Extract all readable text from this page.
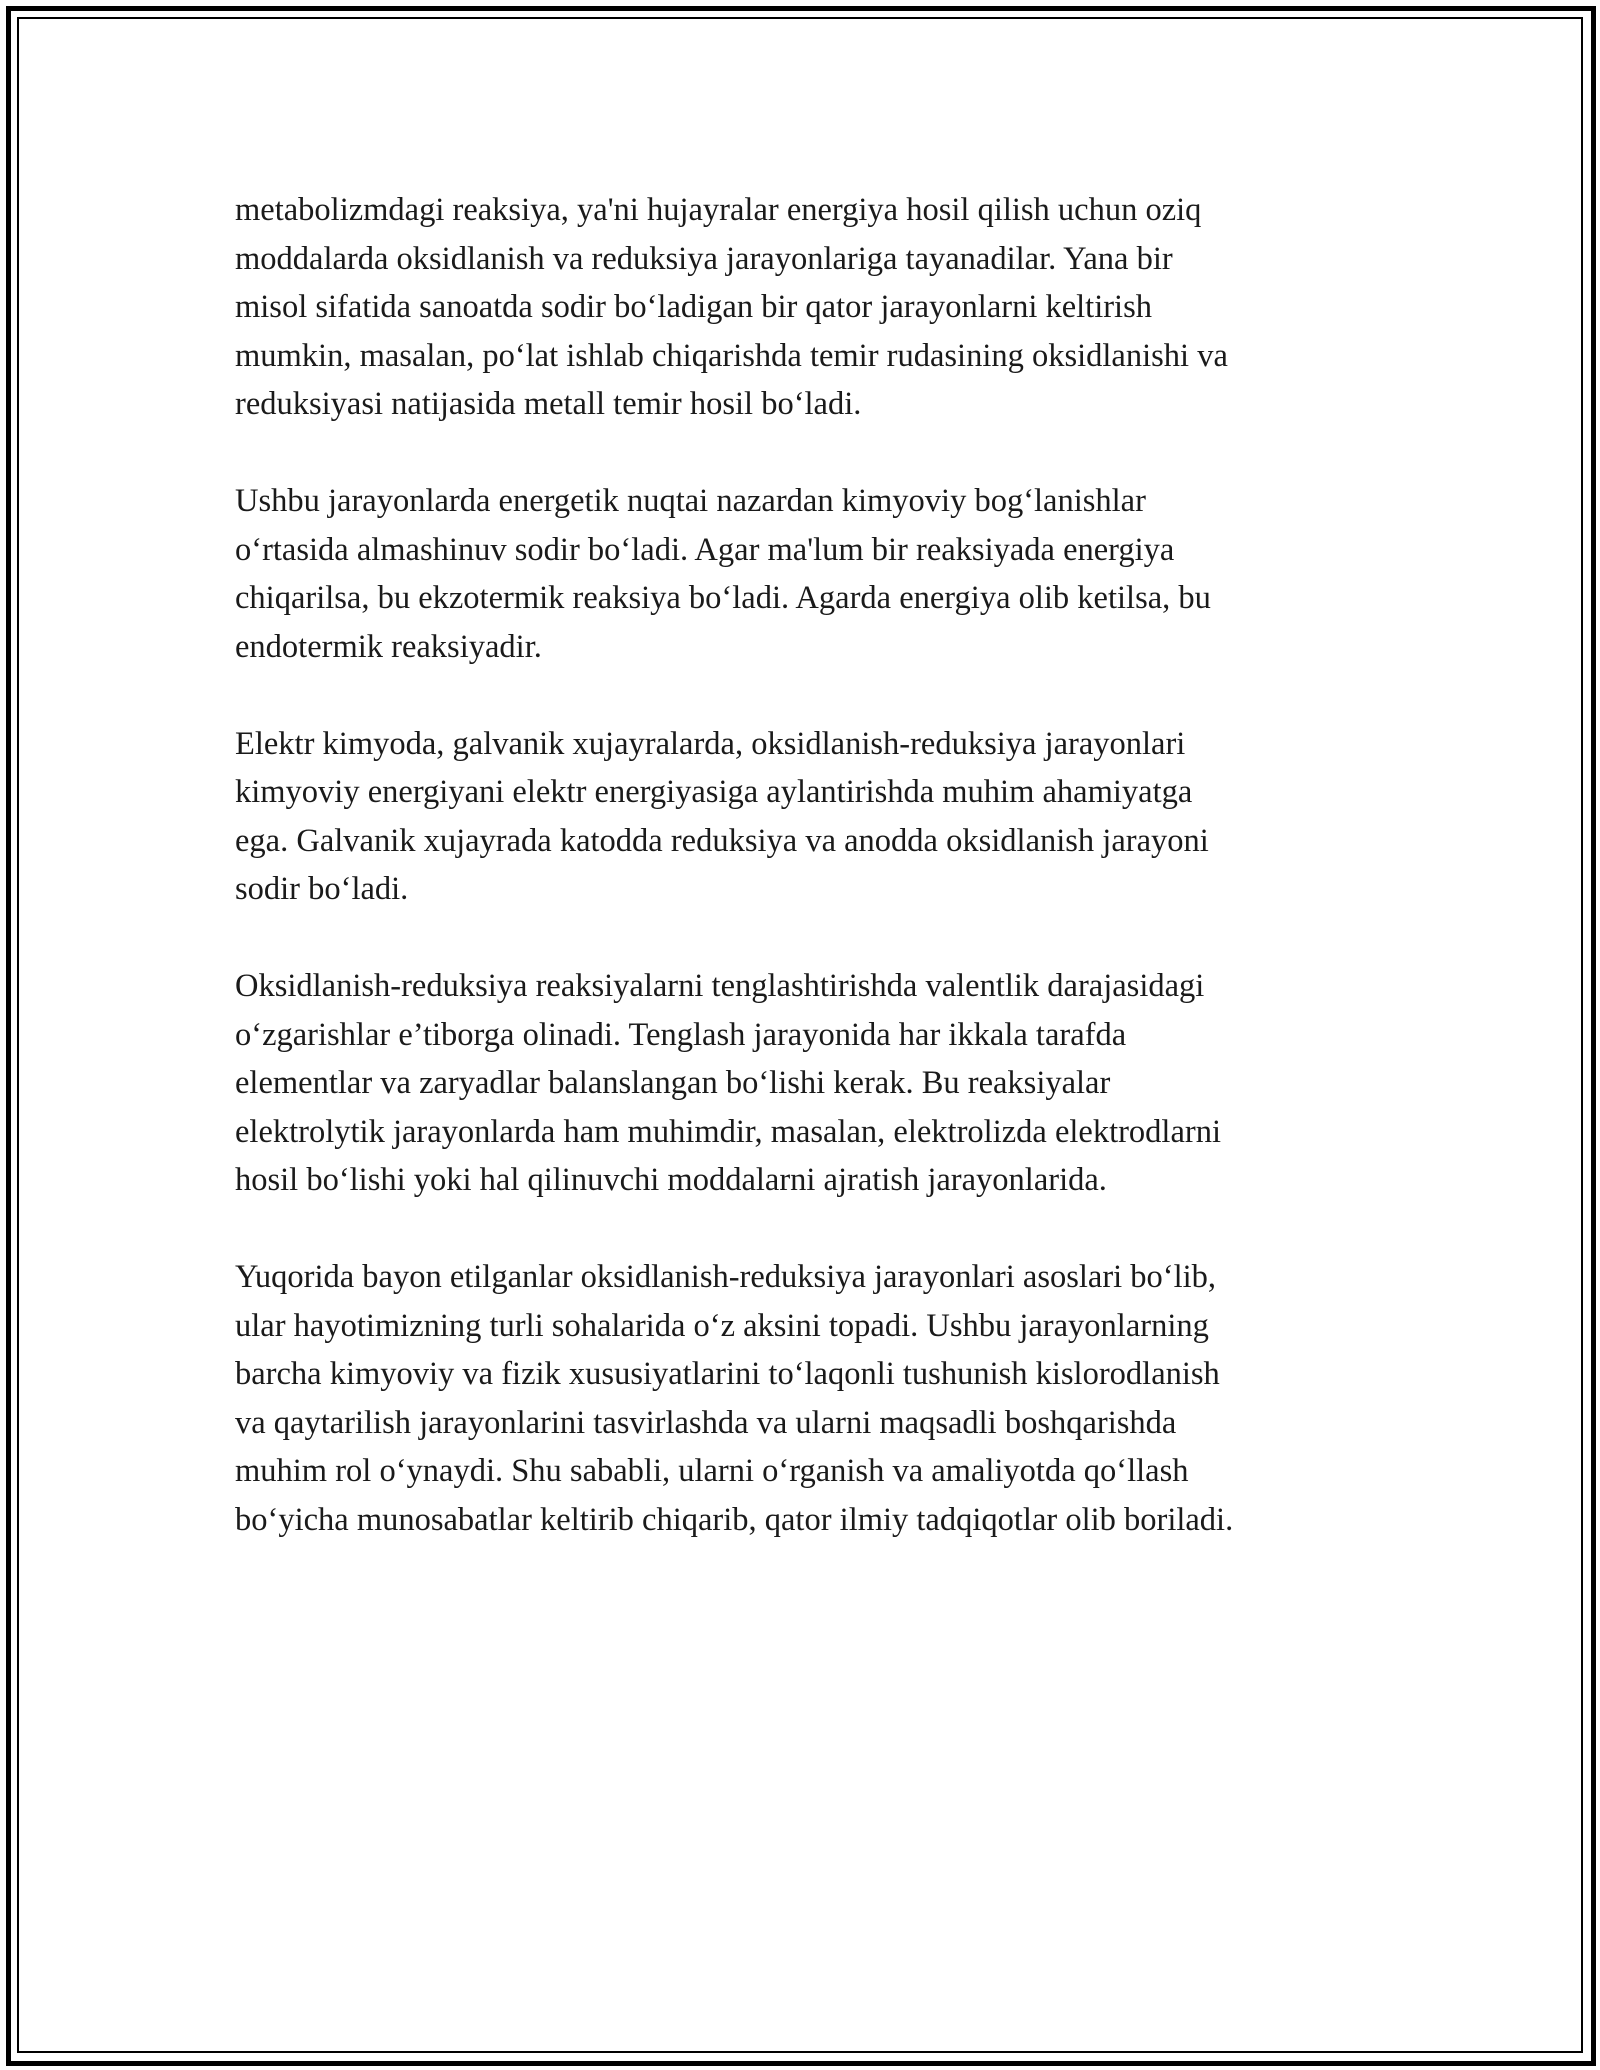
metabolizmdagi reaksiya, ya'ni hujayralar energiya hosil qilish uchun oziq
moddalarda oksidlanish va reduksiya jarayonlariga tayanadilar. Yana bir
misol sifatida sanoatda sodir bo‘ladigan bir qator jarayonlarni keltirish
mumkin, masalan, po‘lat ishlab chiqarishda temir rudasining oksidlanishi va
reduksiyasi natijasida metall temir hosil bo‘ladi.

Ushbu jarayonlarda energetik nuqtai nazardan kimyoviy bog‘lanishlar
o‘rtasida almashinuv sodir bo‘ladi. Agar ma'lum bir reaksiyada energiya
chiqarilsa, bu ekzotermik reaksiya bo‘ladi. Agarda energiya olib ketilsa, bu
endotermik reaksiyadir.

Elektr kimyoda, galvanik xujayralarda, oksidlanish-reduksiya jarayonlari
kimyoviy energiyani elektr energiyasiga aylantirishda muhim ahamiyatga
ega. Galvanik xujayrada katodda reduksiya va anodda oksidlanish jarayoni
sodir bo‘ladi.

Oksidlanish-reduksiya reaksiyalarni tenglashtirishda valentlik darajasidagi
o‘zgarishlar e’tiborga olinadi. Tenglash jarayonida har ikkala tarafda
elementlar va zaryadlar balanslangan bo‘lishi kerak. Bu reaksiyalar
elektrolytik jarayonlarda ham muhimdir, masalan, elektrolizda elektrodlarni
hosil bo‘lishi yoki hal qilinuvchi moddalarni ajratish jarayonlarida.

Yuqorida bayon etilganlar oksidlanish-reduksiya jarayonlari asoslari bo‘lib,
ular hayotimizning turli sohalarida o‘z aksini topadi. Ushbu jarayonlarning
barcha kimyoviy va fizik xususiyatlarini to‘laqonli tushunish kislorodlanish
va qaytarilish jarayonlarini tasvirlashda va ularni maqsadli boshqarishda
muhim rol o‘ynaydi. Shu sababli, ularni o‘rganish va amaliyotda qo‘llash
bo‘yicha munosabatlar keltirib chiqarib, qator ilmiy tadqiqotlar olib boriladi.
